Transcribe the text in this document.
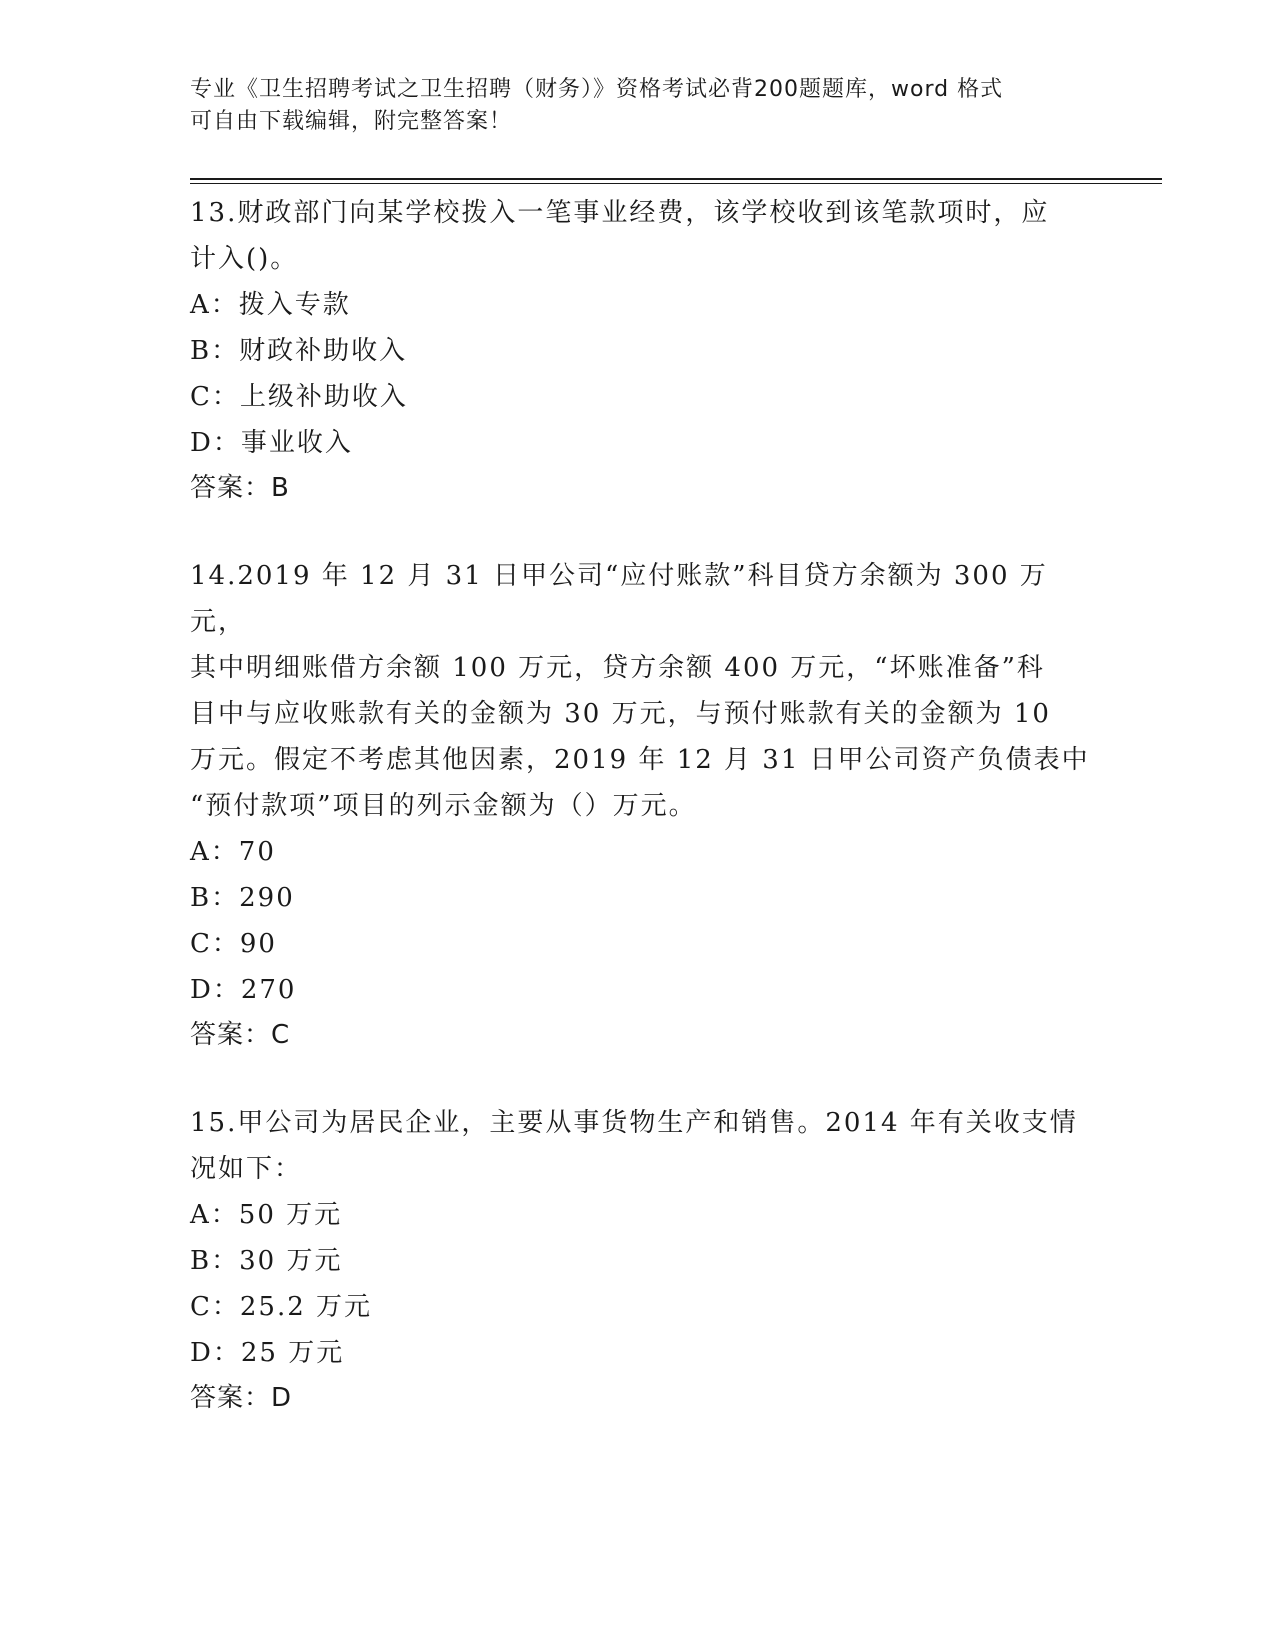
专业《卫生招聘考试之卫生招聘（财务）》资格考试必背200题题库，word 格式
可自由下载编辑，附完整答案！

13.财政部门向某学校拨入一笔事业经费，该学校收到该笔款项时，应

计入()。

A：拨入专款

B：财政补助收入

C：上级补助收入

D：事业收入

答案：B

14.2019 年 12 月 31 日甲公司“应付账款”科目贷方余额为 300 万元，

其中明细账借方余额 100 万元，贷方余额 400 万元，“坏账准备”科

目中与应收账款有关的金额为 30 万元，与预付账款有关的金额为 10

万元。假定不考虑其他因素，2019 年 12 月 31 日甲公司资产负债表中

“预付款项”项目的列示金额为（）万元。

A：70

B：290

C：90

D：270

答案：C

15.甲公司为居民企业，主要从事货物生产和销售。2014 年有关收支情

况如下：

A：50 万元

B：30 万元

C：25.2 万元

D：25 万元

答案：D
